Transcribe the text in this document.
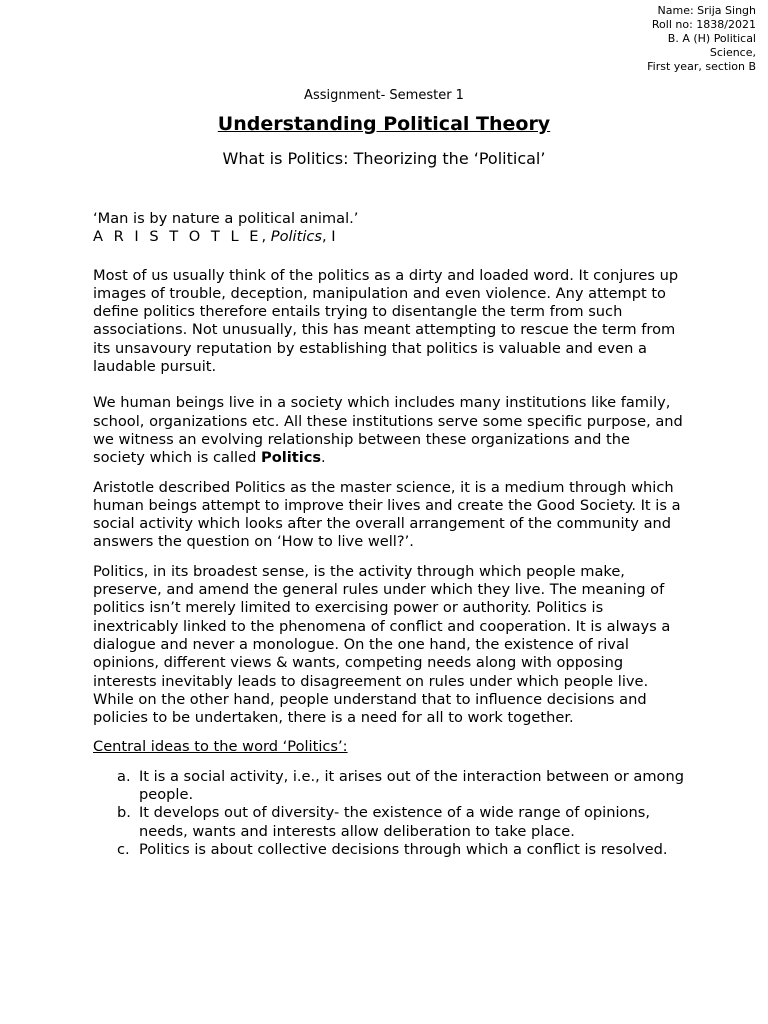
Name: Srija Singh
Roll no: 1838/2021
B. A (H) Political
Science,
First year, section B
Assignment- Semester 1
Understanding Political Theory
What is Politics: Theorizing the ‘Political’

‘Man is by nature a political animal.’

A R I S T O T L E, Politics, I

Most of us usually think of the politics as a dirty and loaded word. It conjures up images of trouble, deception, manipulation and even violence. Any attempt to define politics therefore entails trying to disentangle the term from such associations. Not unusually, this has meant attempting to rescue the term from its unsavoury reputation by establishing that politics is valuable and even a laudable pursuit.

We human beings live in a society which includes many institutions like family, school, organizations etc. All these institutions serve some specific purpose, and we witness an evolving relationship between these organizations and the society which is called Politics.

Aristotle described Politics as the master science, it is a medium through which human beings attempt to improve their lives and create the Good Society. It is a social activity which looks after the overall arrangement of the community and answers the question on ‘How to live well?’.

Politics, in its broadest sense, is the activity through which people make, preserve, and amend the general rules under which they live. The meaning of politics isn’t merely limited to exercising power or authority. Politics is inextricably linked to the phenomena of conflict and cooperation. It is always a dialogue and never a monologue. On the one hand, the existence of rival opinions, different views & wants, competing needs along with opposing interests inevitably leads to disagreement on rules under which people live. While on the other hand, people understand that to influence decisions and policies to be undertaken, there is a need for all to work together.

Central ideas to the word ‘Politics’:

a. It is a social activity, i.e., it arises out of the interaction between or among people.
b. It develops out of diversity- the existence of a wide range of opinions, needs, wants and interests allow deliberation to take place.
c. Politics is about collective decisions through which a conflict is resolved.
